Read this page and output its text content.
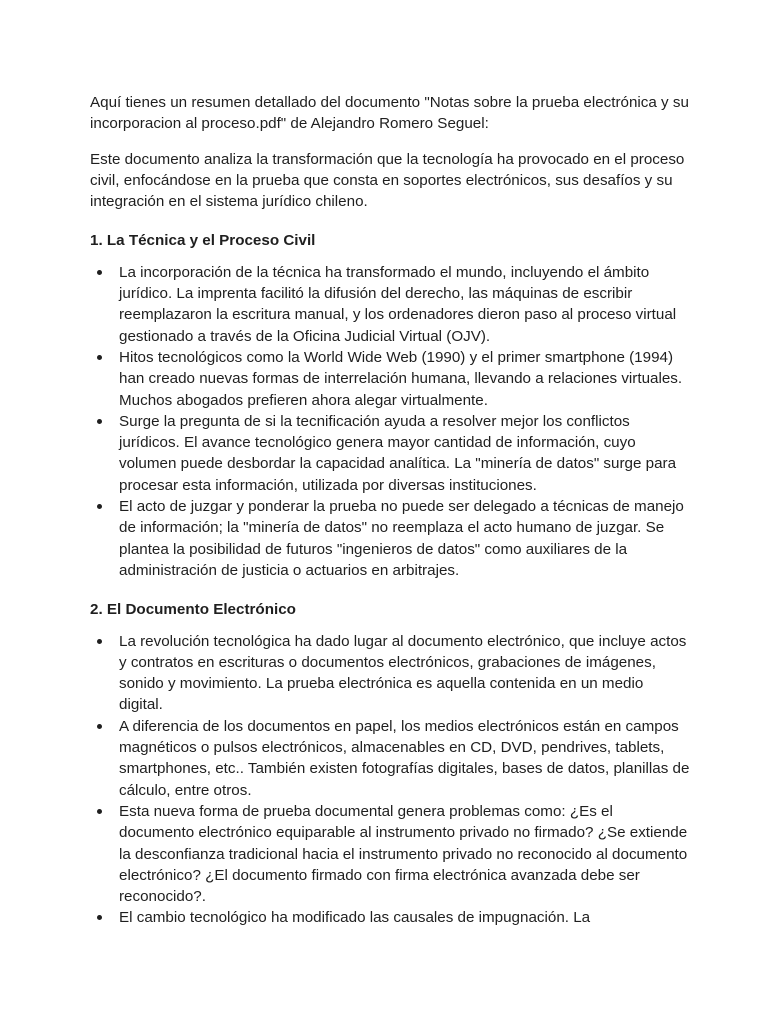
Aquí tienes un resumen detallado del documento "Notas sobre la prueba electrónica y su incorporacion al proceso.pdf" de Alejandro Romero Seguel:

Este documento analiza la transformación que la tecnología ha provocado en el proceso civil, enfocándose en la prueba que consta en soportes electrónicos, sus desafíos y su integración en el sistema jurídico chileno.

1. La Técnica y el Proceso Civil
La incorporación de la técnica ha transformado el mundo, incluyendo el ámbito jurídico. La imprenta facilitó la difusión del derecho, las máquinas de escribir reemplazaron la escritura manual, y los ordenadores dieron paso al proceso virtual gestionado a través de la Oficina Judicial Virtual (OJV).
Hitos tecnológicos como la World Wide Web (1990) y el primer smartphone (1994) han creado nuevas formas de interrelación humana, llevando a relaciones virtuales. Muchos abogados prefieren ahora alegar virtualmente.
Surge la pregunta de si la tecnificación ayuda a resolver mejor los conflictos jurídicos. El avance tecnológico genera mayor cantidad de información, cuyo volumen puede desbordar la capacidad analítica. La "minería de datos" surge para procesar esta información, utilizada por diversas instituciones.
El acto de juzgar y ponderar la prueba no puede ser delegado a técnicas de manejo de información; la "minería de datos" no reemplaza el acto humano de juzgar. Se plantea la posibilidad de futuros "ingenieros de datos" como auxiliares de la administración de justicia o actuarios en arbitrajes.
2. El Documento Electrónico
La revolución tecnológica ha dado lugar al documento electrónico, que incluye actos y contratos en escrituras o documentos electrónicos, grabaciones de imágenes, sonido y movimiento. La prueba electrónica es aquella contenida en un medio digital.
A diferencia de los documentos en papel, los medios electrónicos están en campos magnéticos o pulsos electrónicos, almacenables en CD, DVD, pendrives, tablets, smartphones, etc.. También existen fotografías digitales, bases de datos, planillas de cálculo, entre otros.
Esta nueva forma de prueba documental genera problemas como: ¿Es el documento electrónico equiparable al instrumento privado no firmado? ¿Se extiende la desconfianza tradicional hacia el instrumento privado no reconocido al documento electrónico? ¿El documento firmado con firma electrónica avanzada debe ser reconocido?.
El cambio tecnológico ha modificado las causales de impugnación. La
